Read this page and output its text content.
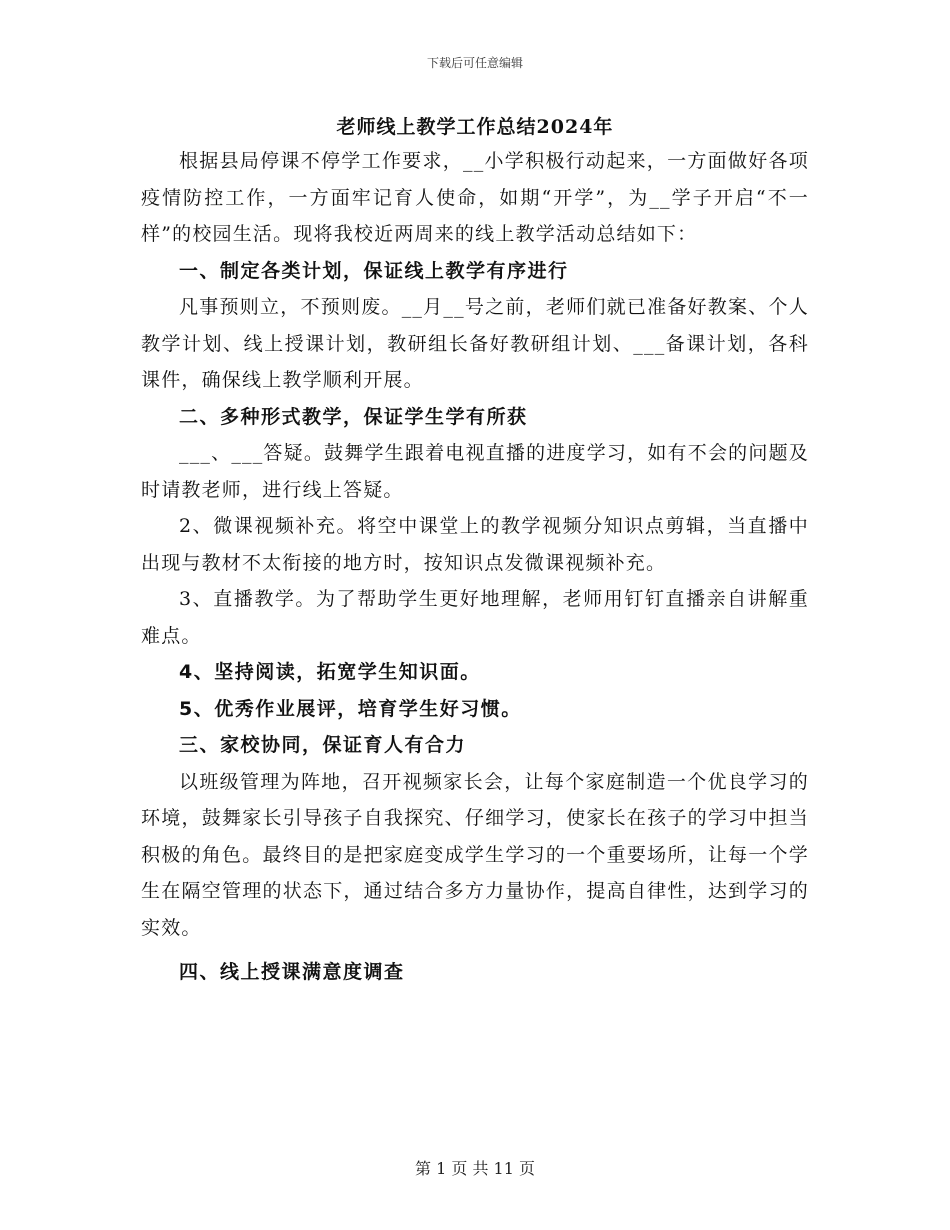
下载后可任意编辑
老师线上教学工作总结2024年

根据县局停课不停学工作要求，__小学积极行动起来，一方面做好各项疫情防控工作，一方面牢记育人使命，如期“开学”，为__学子开启“不一样”的校园生活。现将我校近两周来的线上教学活动总结如下：

一、制定各类计划，保证线上教学有序进行

凡事预则立，不预则废。__月__号之前，老师们就已准备好教案、个人教学计划、线上授课计划，教研组长备好教研组计划、___备课计划，各科课件，确保线上教学顺利开展。

二、多种形式教学，保证学生学有所获

___、___答疑。鼓舞学生跟着电视直播的进度学习，如有不会的问题及时请教老师，进行线上答疑。

2、微课视频补充。将空中课堂上的教学视频分知识点剪辑，当直播中出现与教材不太衔接的地方时，按知识点发微课视频补充。

3、直播教学。为了帮助学生更好地理解，老师用钉钉直播亲自讲解重难点。

4、坚持阅读，拓宽学生知识面。

5、优秀作业展评，培育学生好习惯。

三、家校协同，保证育人有合力

以班级管理为阵地，召开视频家长会，让每个家庭制造一个优良学习的环境，鼓舞家长引导孩子自我探究、仔细学习，使家长在孩子的学习中担当积极的角色。最终目的是把家庭变成学生学习的一个重要场所，让每一个学生在隔空管理的状态下，通过结合多方力量协作，提高自律性，达到学习的实效。

四、线上授课满意度调查

第 1 页 共 11 页
